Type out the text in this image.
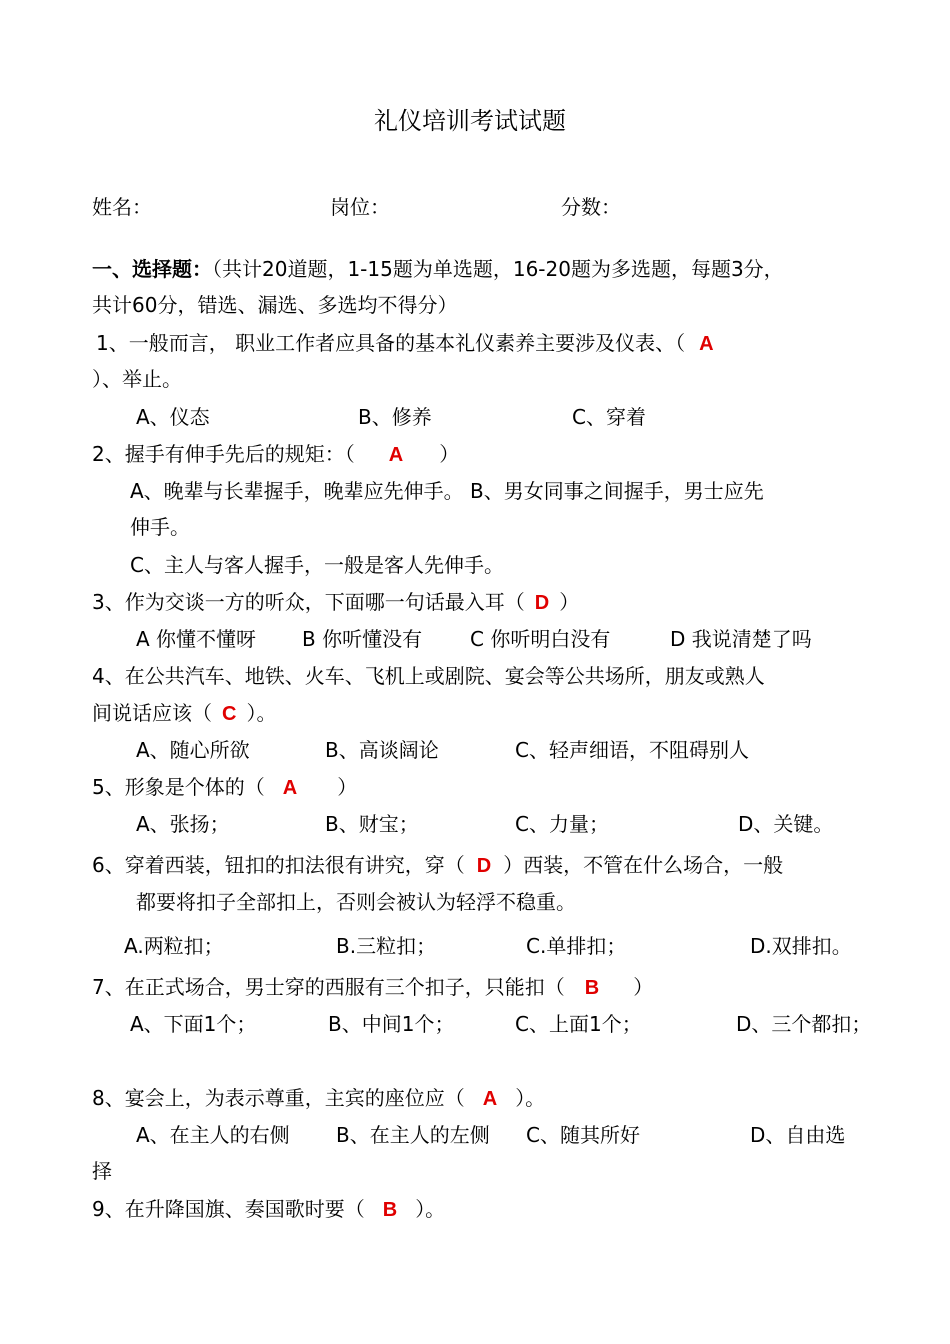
礼仪培训考试试题
姓名：	岗位：	分数：
一、选择题：（共计20道题，1-15题为单选题，16-20题为多选题，每题3分，
共计60分，错选、漏选、多选均不得分）
1、一般而言， 职业工作者应具备的基本礼仪素养主要涉及仪表、（ A
）、举止。
A、仪态	B、修养	C、穿着
2、握手有伸手先后的规矩：（ A ）
A、晚辈与长辈握手，晚辈应先伸手。 B、男女同事之间握手，男士应先
伸手。
C、主人与客人握手，一般是客人先伸手。
3、作为交谈一方的听众，下面哪一句话最入耳（ D ）
A 你懂不懂呀 B 你听懂没有 C 你听明白没有	D 我说清楚了吗
4、在公共汽车、地铁、火车、飞机上或剧院、宴会等公共场所，朋友或熟人
间说话应该（ C ）。
A、随心所欲	B、高谈阔论	C、轻声细语，不阻碍别人
5、形象是个体的（ A ）
A、张扬；	B、财宝；	C、力量；	D、关键。
6、穿着西装，钮扣的扣法很有讲究，穿（ D ）西装，不管在什么场合，一般
都要将扣子全部扣上，否则会被认为轻浮不稳重。
A.两粒扣；	B.三粒扣；	C.单排扣；	D.双排扣。
7、在正式场合，男士穿的西服有三个扣子，只能扣（ B ）
A、下面1个；	B、中间1个；	C、上面1个；	D、三个都扣；
8、宴会上，为表示尊重，主宾的座位应（ A ）。
A、在主人的右侧 B、在主人的左侧 C、随其所好	D、自由选
择
9、在升降国旗、奏国歌时要（ B ）。
